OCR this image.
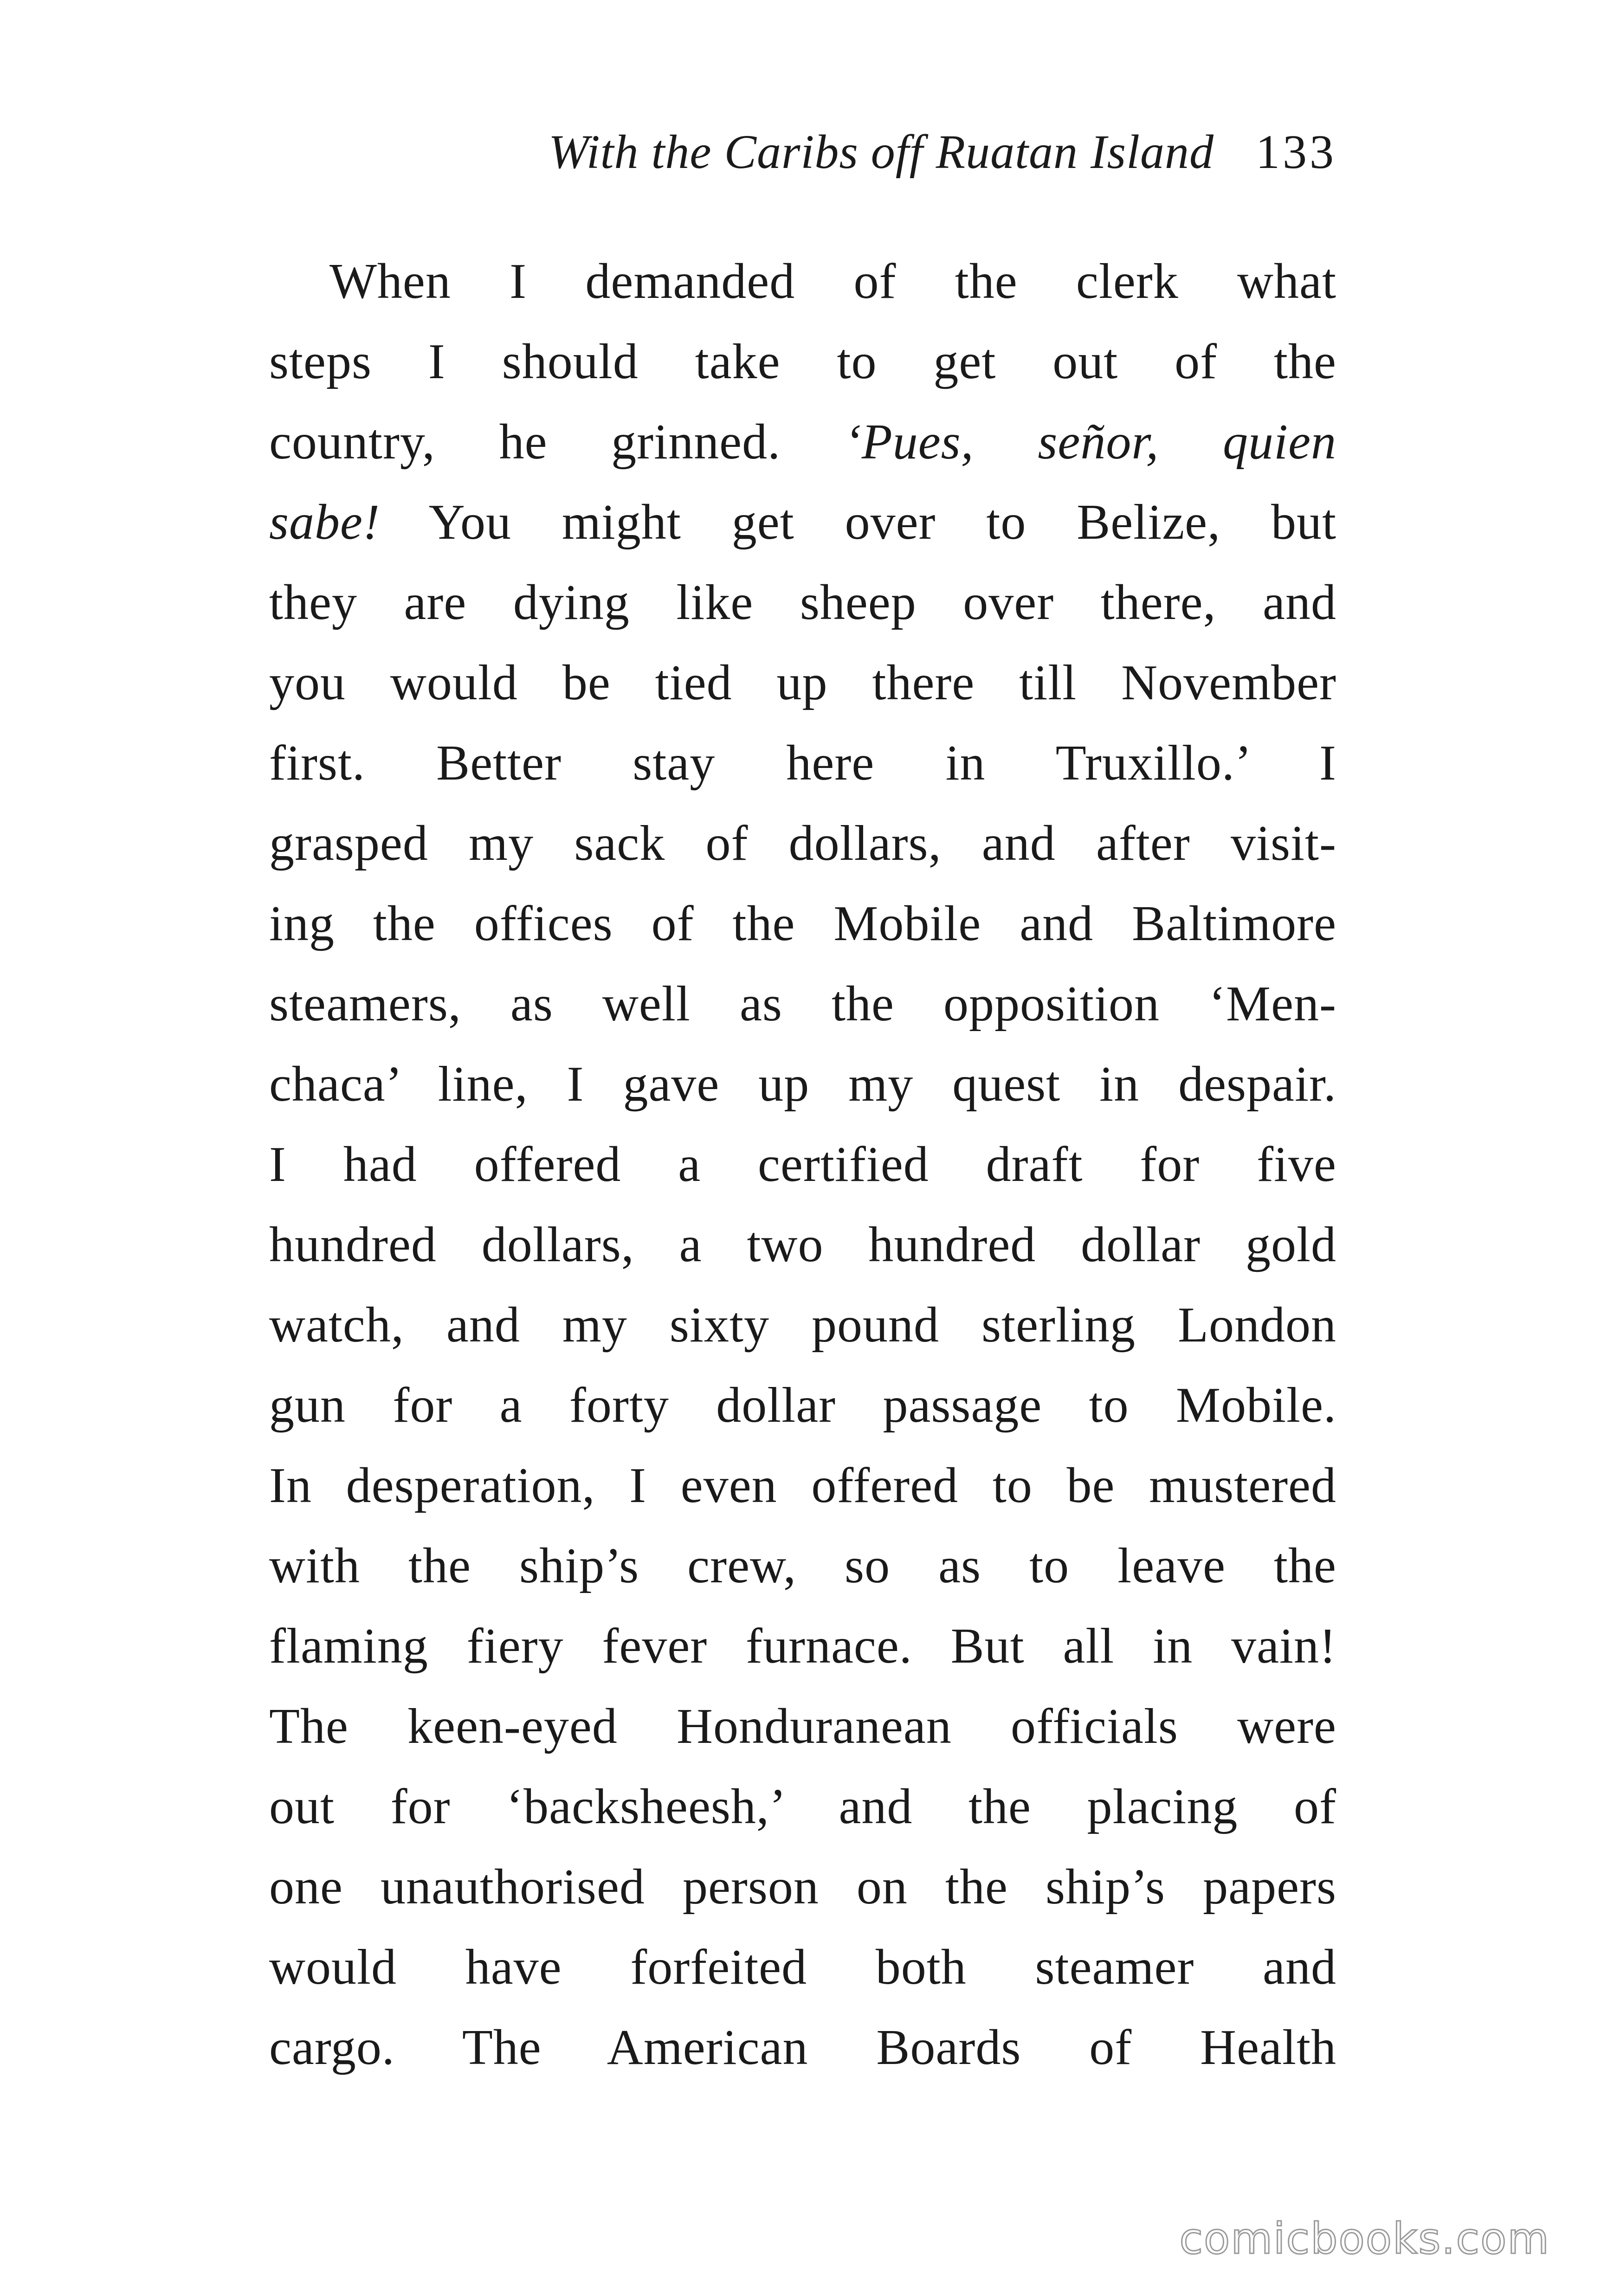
With the Caribs off Ruatan Island 133
When I demanded of the clerk what
steps I should take to get out of the
country, he grinned. ‘Pues, señor, quien
sabe! You might get over to Belize, but
they are dying like sheep over there, and
you would be tied up there till November
first. Better stay here in Truxillo.’ I
grasped my sack of dollars, and after visit-
ing the offices of the Mobile and Baltimore
steamers, as well as the opposition ‘Men-
chaca’ line, I gave up my quest in despair.
I had offered a certified draft for five
hundred dollars, a two hundred dollar gold
watch, and my sixty pound sterling London
gun for a forty dollar passage to Mobile.
In desperation, I even offered to be mustered
with the ship’s crew, so as to leave the
flaming fiery fever furnace. But all in vain!
The keen-eyed Honduranean officials were
out for ‘backsheesh,’ and the placing of
one unauthorised person on the ship’s papers
would have forfeited both steamer and
cargo. The American Boards of Health
comicbooks.com
